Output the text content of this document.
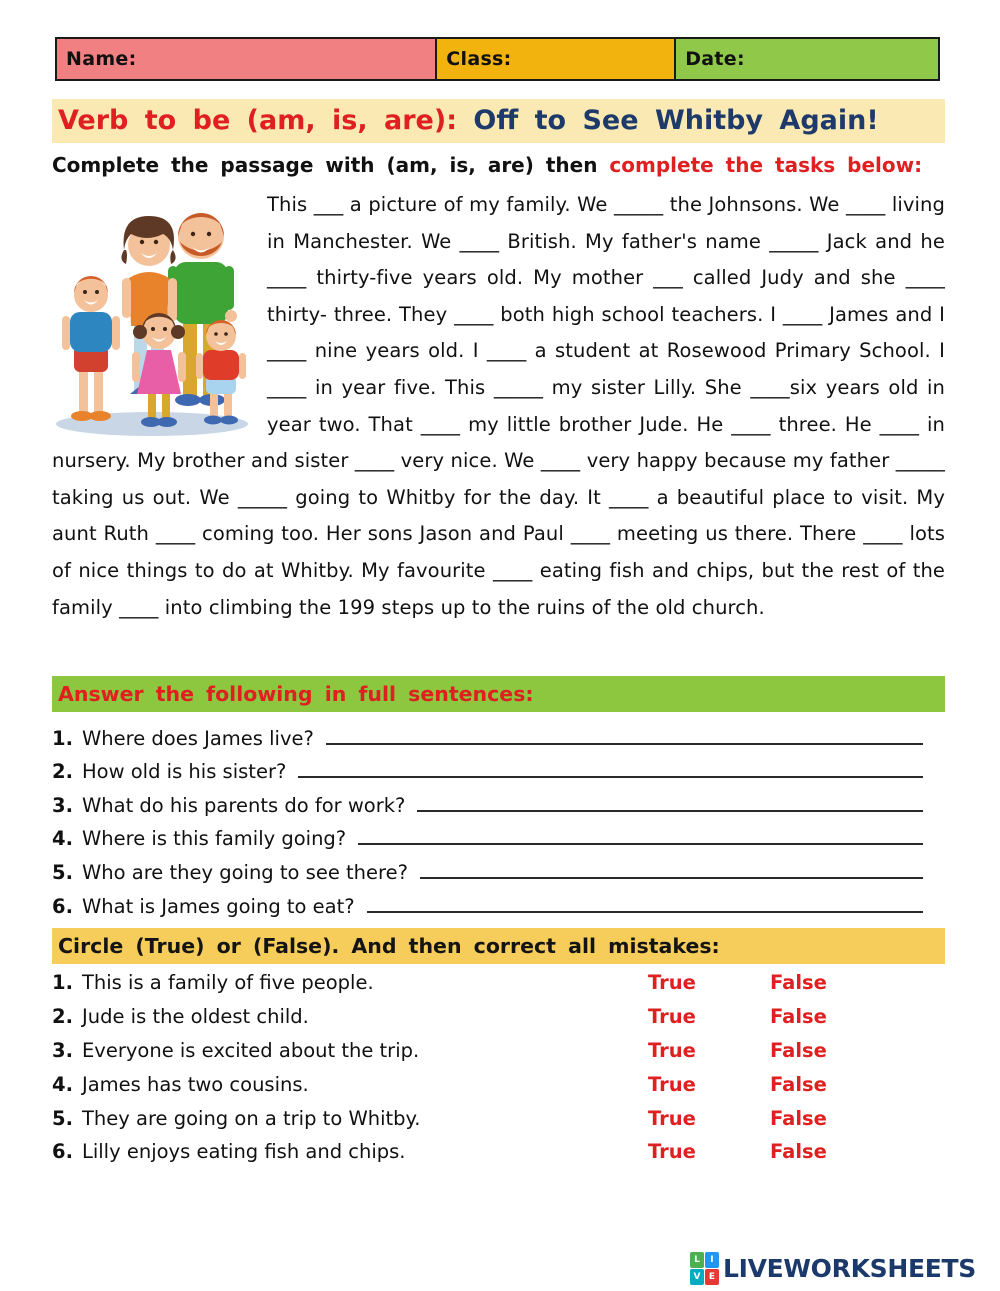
Name:	Class:	Date:
Verb to be (am, is, are): Off to See Whitby Again!
Complete the passage with (am, is, are) then complete the tasks below:
This ___ a picture of my family. We _____ the Johnsons. We ____ living in Manchester. We ____ British. My father's name _____ Jack and he ____ thirty-five years old. My mother ___ called Judy and she ____ thirty- three. They ____ both high school teachers. I ____ James and I ____ nine years old. I ____ a student at Rosewood Primary School. I ____ in year five. This _____ my sister Lilly. She ____six years old in year two. That ____ my little brother Jude. He ____ three. He ____ in nursery. My brother and sister ____ very nice. We ____ very happy because my father _____ taking us out. We _____ going to Whitby for the day. It ____ a beautiful place to visit. My aunt Ruth ____ coming too. Her sons Jason and Paul ____ meeting us there. There ____ lots of nice things to do at Whitby. My favourite ____ eating fish and chips, but the rest of the family ____ into climbing the 199 steps up to the ruins of the old church.
Answer the following in full sentences:
1. Where does James live?
2. How old is his sister?
3. What do his parents do for work?
4. Where is this family going?
5. Who are they going to see there?
6. What is James going to eat?
Circle (True) or (False). And then correct all mistakes:
1. This is a family of five people.	True	False
2. Jude is the oldest child.	True	False
3. Everyone is excited about the trip.	True	False
4. James has two cousins.	True	False
5. They are going on a trip to Whitby.	True	False
6. Lilly enjoys eating fish and chips.	True	False
L	I
V E LIVEWORKSHEETS
